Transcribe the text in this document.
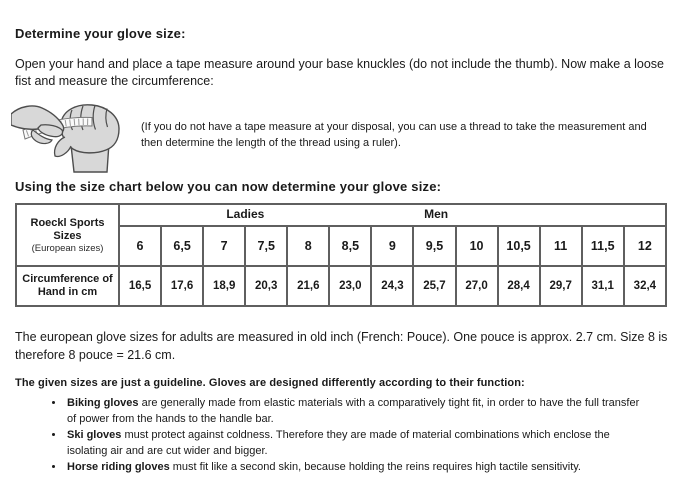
Determine your glove size:

Open your hand and place a tape measure around your base knuckles (do not include the thumb). Now make a loose fist and measure the circumference:

(If you do not have a tape measure at your disposal, you can use a thread to take the measurement and then determine the length of the thread using a ruler).

Using the size chart below you can now determine your glove size:
Roeckl Sports
Sizes
(European sizes)

Ladies	Men

	6	6,5	7	7,5	8	8,5	9	9,5	10	10,5	11	11,5	12

Circumference of
Hand in cm	16,5	17,6	18,9	20,3	21,6	23,0	24,3	25,7	27,0	28,4	29,7	31,1	32,4

The european glove sizes for adults are measured in old inch (French: Pouce). One pouce is approx. 2.7 cm. Size 8 is therefore 8 pouce = 21.6 cm.

The given sizes are just a guideline. Gloves are designed differently according to their function:

• Biking gloves are generally made from elastic materials with a comparatively tight fit, in order to have the full transfer of power from the hands to the handle bar.
• Ski gloves must protect against coldness. Therefore they are made of material combinations which enclose the isolating air and are cut wider and bigger.
• Horse riding gloves must fit like a second skin, because holding the reins requires high tactile sensitivity.
